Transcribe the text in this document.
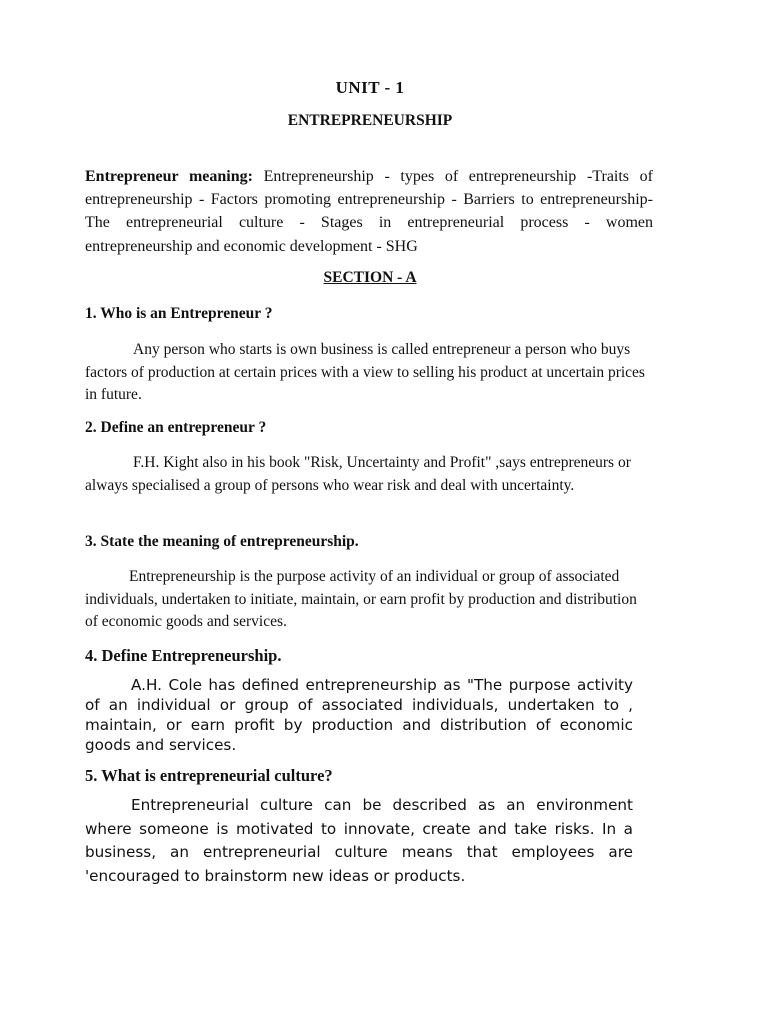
UNIT - 1
ENTREPRENEURSHIP
Entrepreneur meaning: Entrepreneurship - types of entrepreneurship -Traits of entrepreneurship - Factors promoting entrepreneurship - Barriers to entrepreneurship- The entrepreneurial culture - Stages in entrepreneurial process - women entrepreneurship and economic development - SHG
SECTION - A
1. Who is an Entrepreneur ?
Any person who starts is own business is called entrepreneur a person who buys factors of production at certain prices with a view to selling his product at uncertain prices in future.
2. Define an entrepreneur ?
F.H. Kight also in his book "Risk, Uncertainty and Profit" ,says entrepreneurs or always specialised a group of persons who wear risk and deal with uncertainty.
3. State the meaning of entrepreneurship.
Entrepreneurship is the purpose activity of an individual or group of associated individuals, undertaken to initiate, maintain, or earn profit by production and distribution of economic goods and services.
4. Define Entrepreneurship.
A.H. Cole has defined entrepreneurship as "The purpose activity of an individual or group of associated individuals, undertaken to , maintain, or earn profit by production and distribution of economic goods and services.
5. What is entrepreneurial culture?
Entrepreneurial culture can be described as an environment where someone is motivated to innovate, create and take risks. In a business, an entrepreneurial culture means that employees are 'encouraged to brainstorm new ideas or products.
